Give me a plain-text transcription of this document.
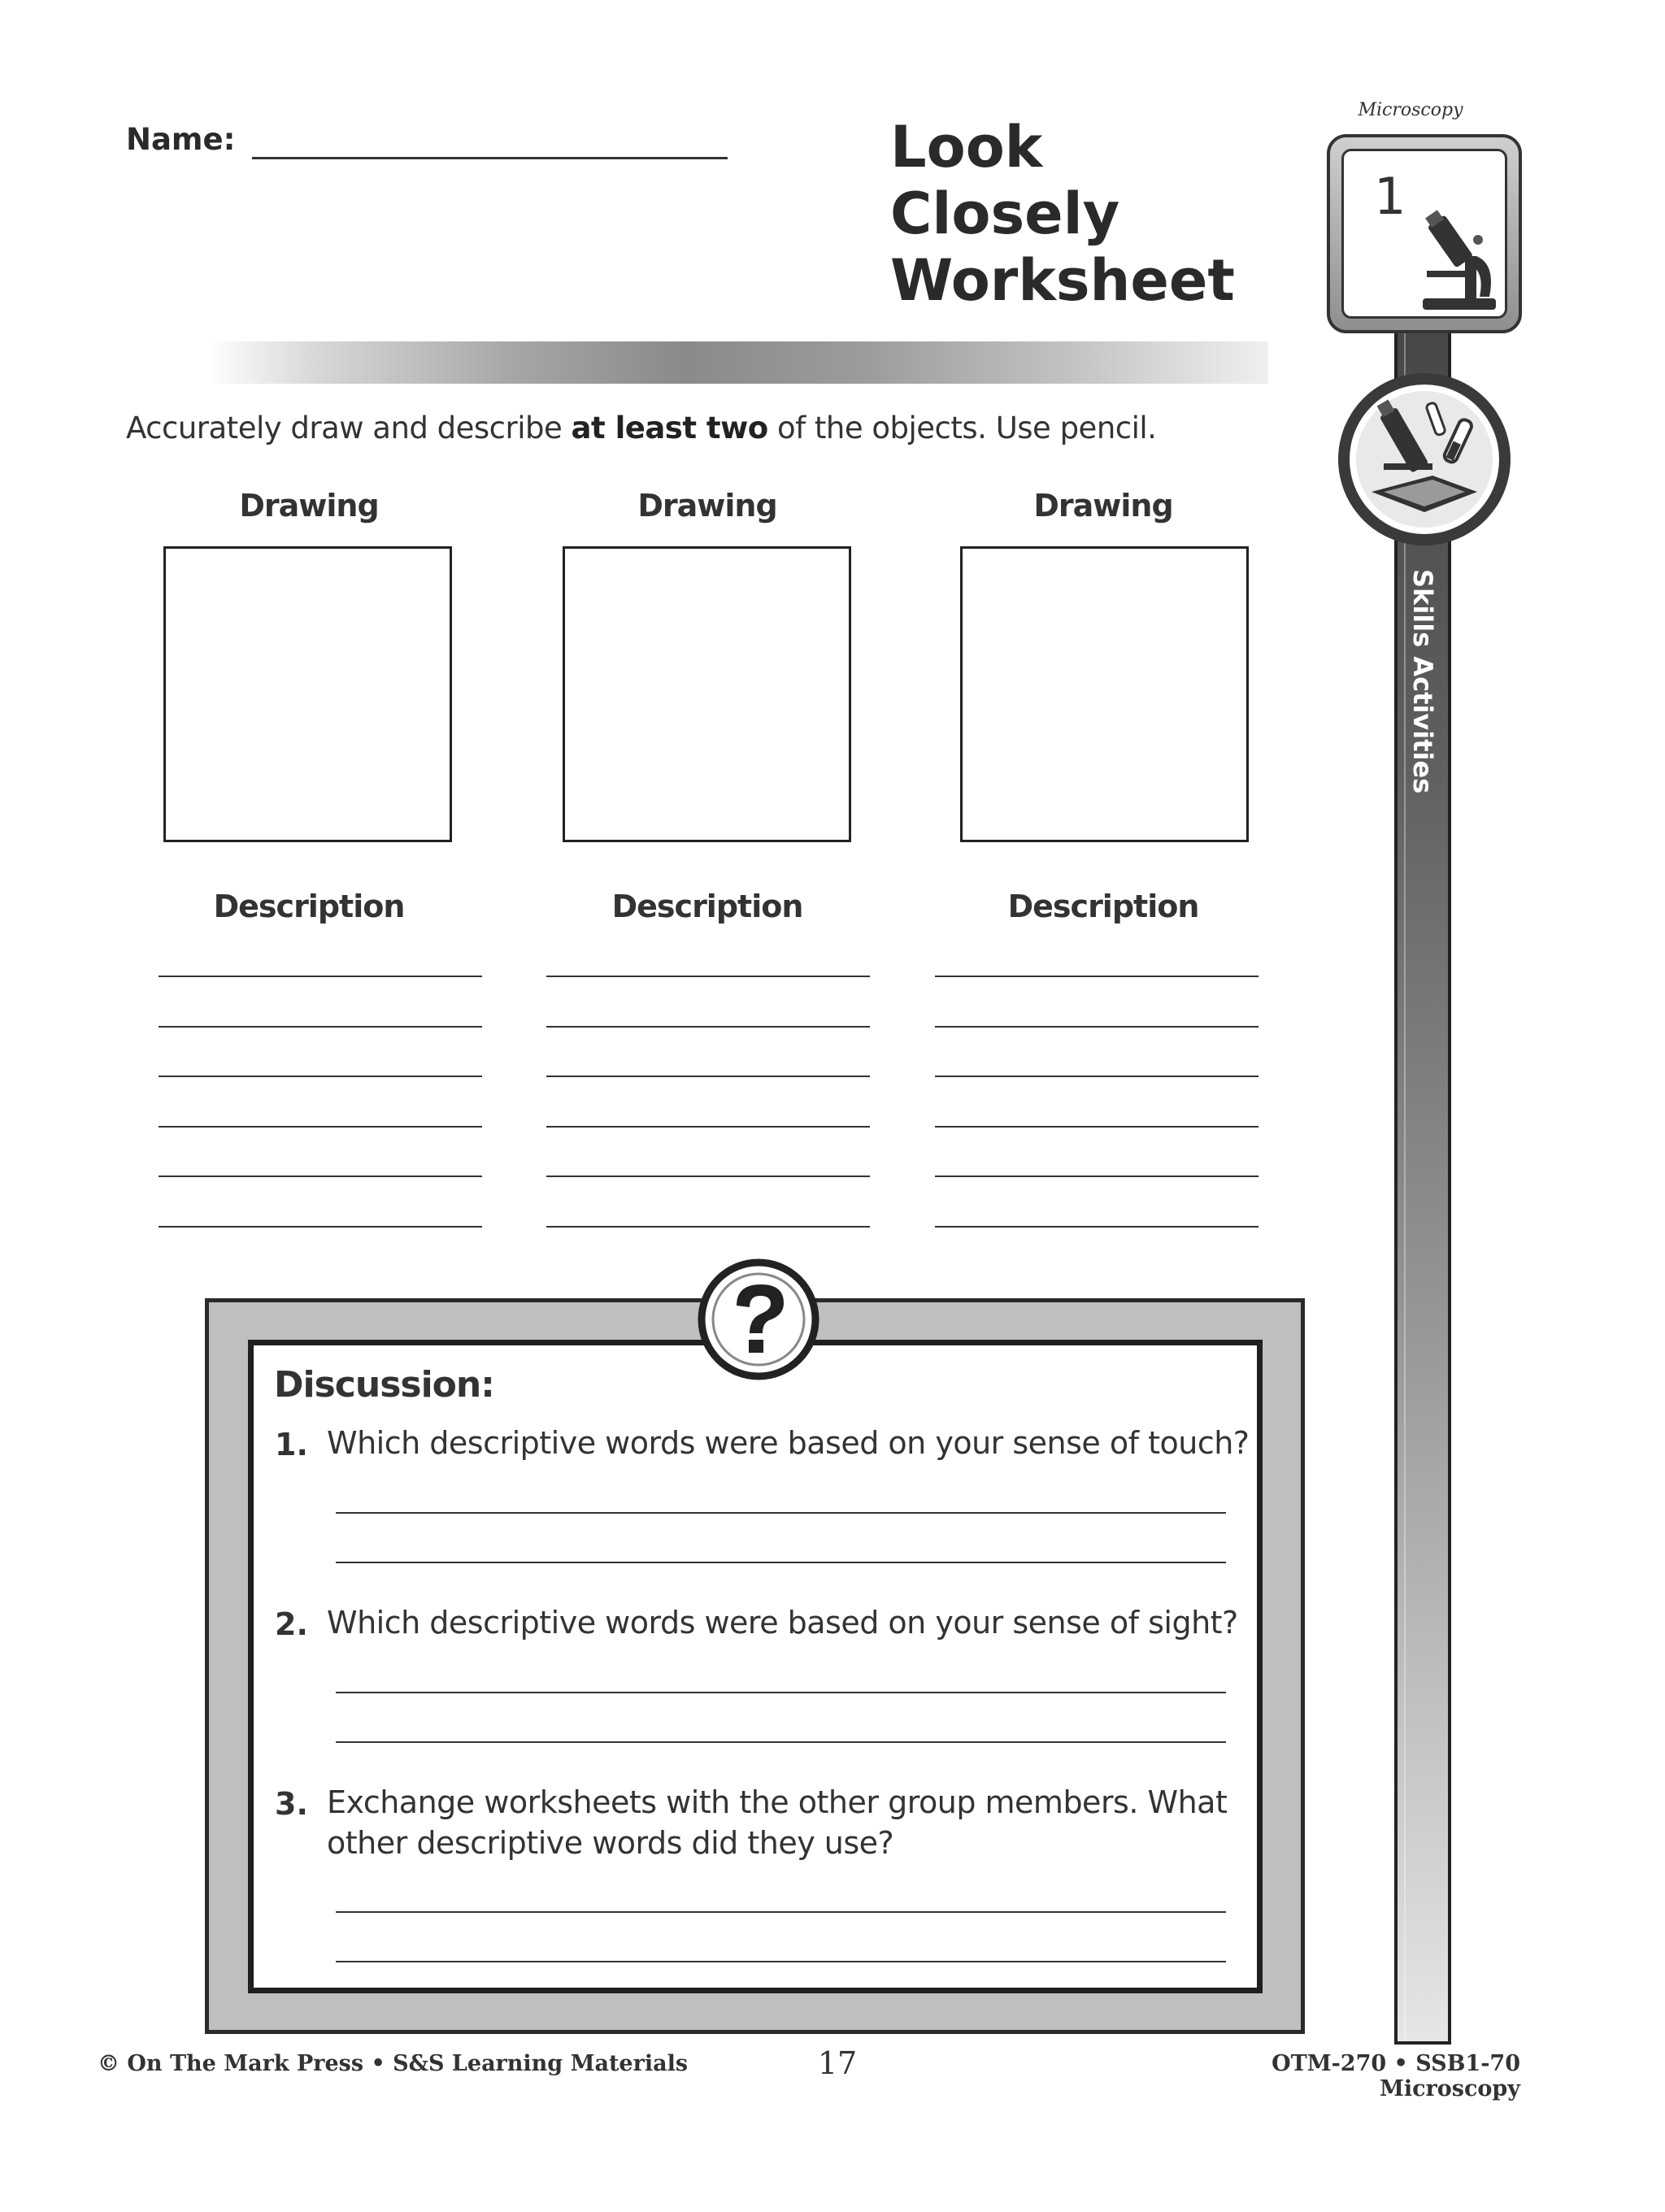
Name:	Look
Closely
Worksheet
Microscopy
Skills Activities
1
Accurately draw and describe at least two of the objects. Use pencil.
Drawing
Description
Drawing
Description
Drawing
Description
Discussion:
1. Which descriptive words were based on your sense of touch?
2. Which descriptive words were based on your sense of sight?
3. Exchange worksheets with the other group members. What
other descriptive words did they use?
© On The Mark Press • S&S Learning Materials	17	OTM-270 • SSB1-70 Microscopy
